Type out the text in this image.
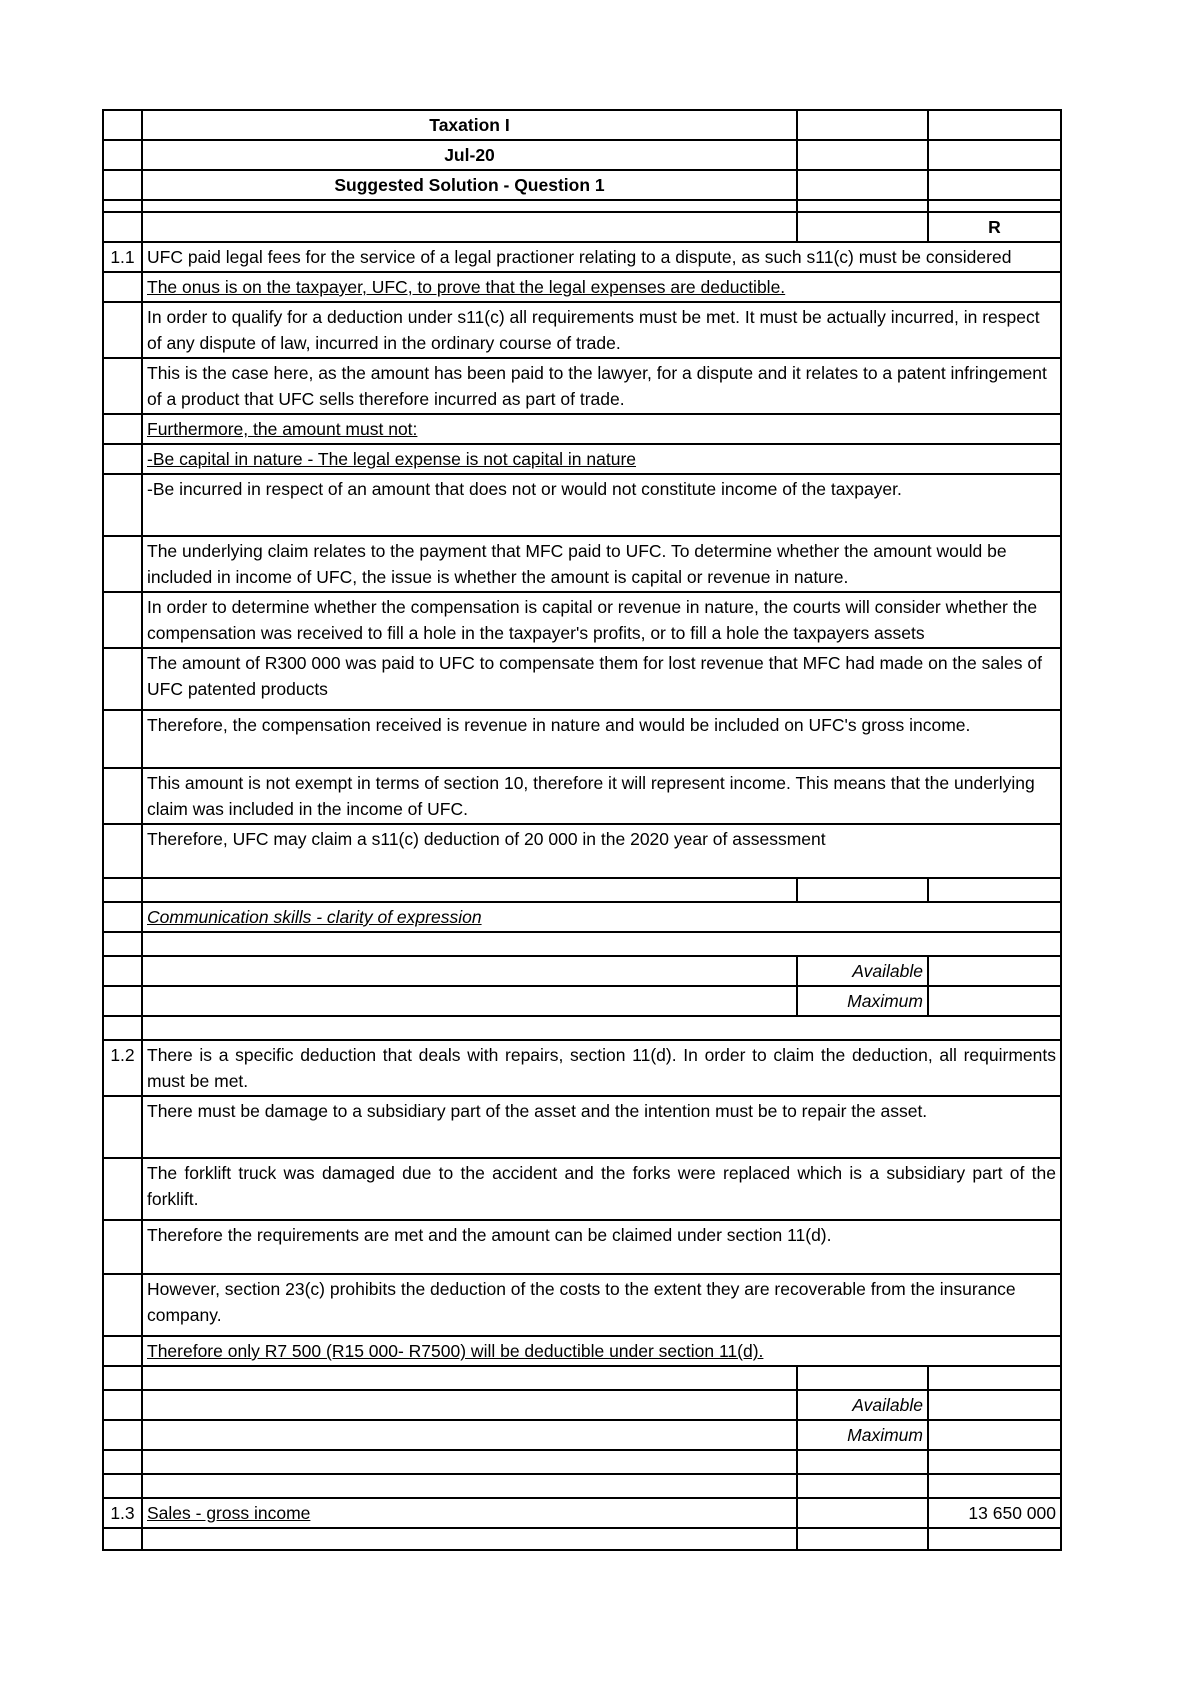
	Taxation I		
	Jul-20		
	Suggested Solution - Question 1		

			R
1.1	UFC paid legal fees for the service of a legal practioner relating to a dispute, as such s11(c) must be considered		
	The onus is on the taxpayer, UFC, to prove that the legal expenses are deductible.		
	In order to qualify for a deduction under s11(c) all requirements must be met. It must be actually incurred, in respect of any dispute of law, incurred in the ordinary course of trade.		
	This is the case here, as the amount has been paid to the lawyer, for a dispute and it relates to a patent infringement of a product that UFC sells therefore incurred as part of trade.		
	Furthermore, the amount must not:		
	-Be capital in nature - The legal expense is not capital in nature		
	-Be incurred in respect of an amount that does not or would not constitute income of the taxpayer.		
	The underlying claim relates to the payment that MFC paid to UFC. To determine whether the amount would be included in income of UFC, the issue is whether the amount is capital or revenue in nature.		
	In order to determine whether the compensation is capital or revenue in nature, the courts will consider whether the compensation was received to fill a hole in the taxpayer's profits, or to fill a hole the taxpayers assets		
	The amount of R300 000 was paid to UFC to compensate them for lost revenue that MFC had made on the sales of UFC patented products		
	Therefore, the compensation received is revenue in nature and would be included on UFC's gross income.		
	This amount is not exempt in terms of section 10, therefore it will represent income. This means that the underlying claim was included in the income of UFC.		
	Therefore, UFC may claim a s11(c) deduction of 20 000 in the 2020 year of assessment		

	Communication skills - clarity of expression		

		Available	
		Maximum	

1.2	There is a specific deduction that deals with repairs, section 11(d). In order to claim the deduction, all requirments must be met.		
	There must be damage to a subsidiary part of the asset and the intention must be to repair the asset.		
	The forklift truck was damaged due to the accident and the forks were replaced which is a subsidiary part of the forklift.		
	Therefore the requirements are met and the amount can be claimed under section 11(d).		
	However, section 23(c) prohibits the deduction of the costs to the extent they are recoverable from the insurance company.		
	Therefore only R7 500 (R15 000- R7500) will be deductible under section 11(d).		

		Available	
		Maximum	

1.3	Sales - gross income		13 650 000
